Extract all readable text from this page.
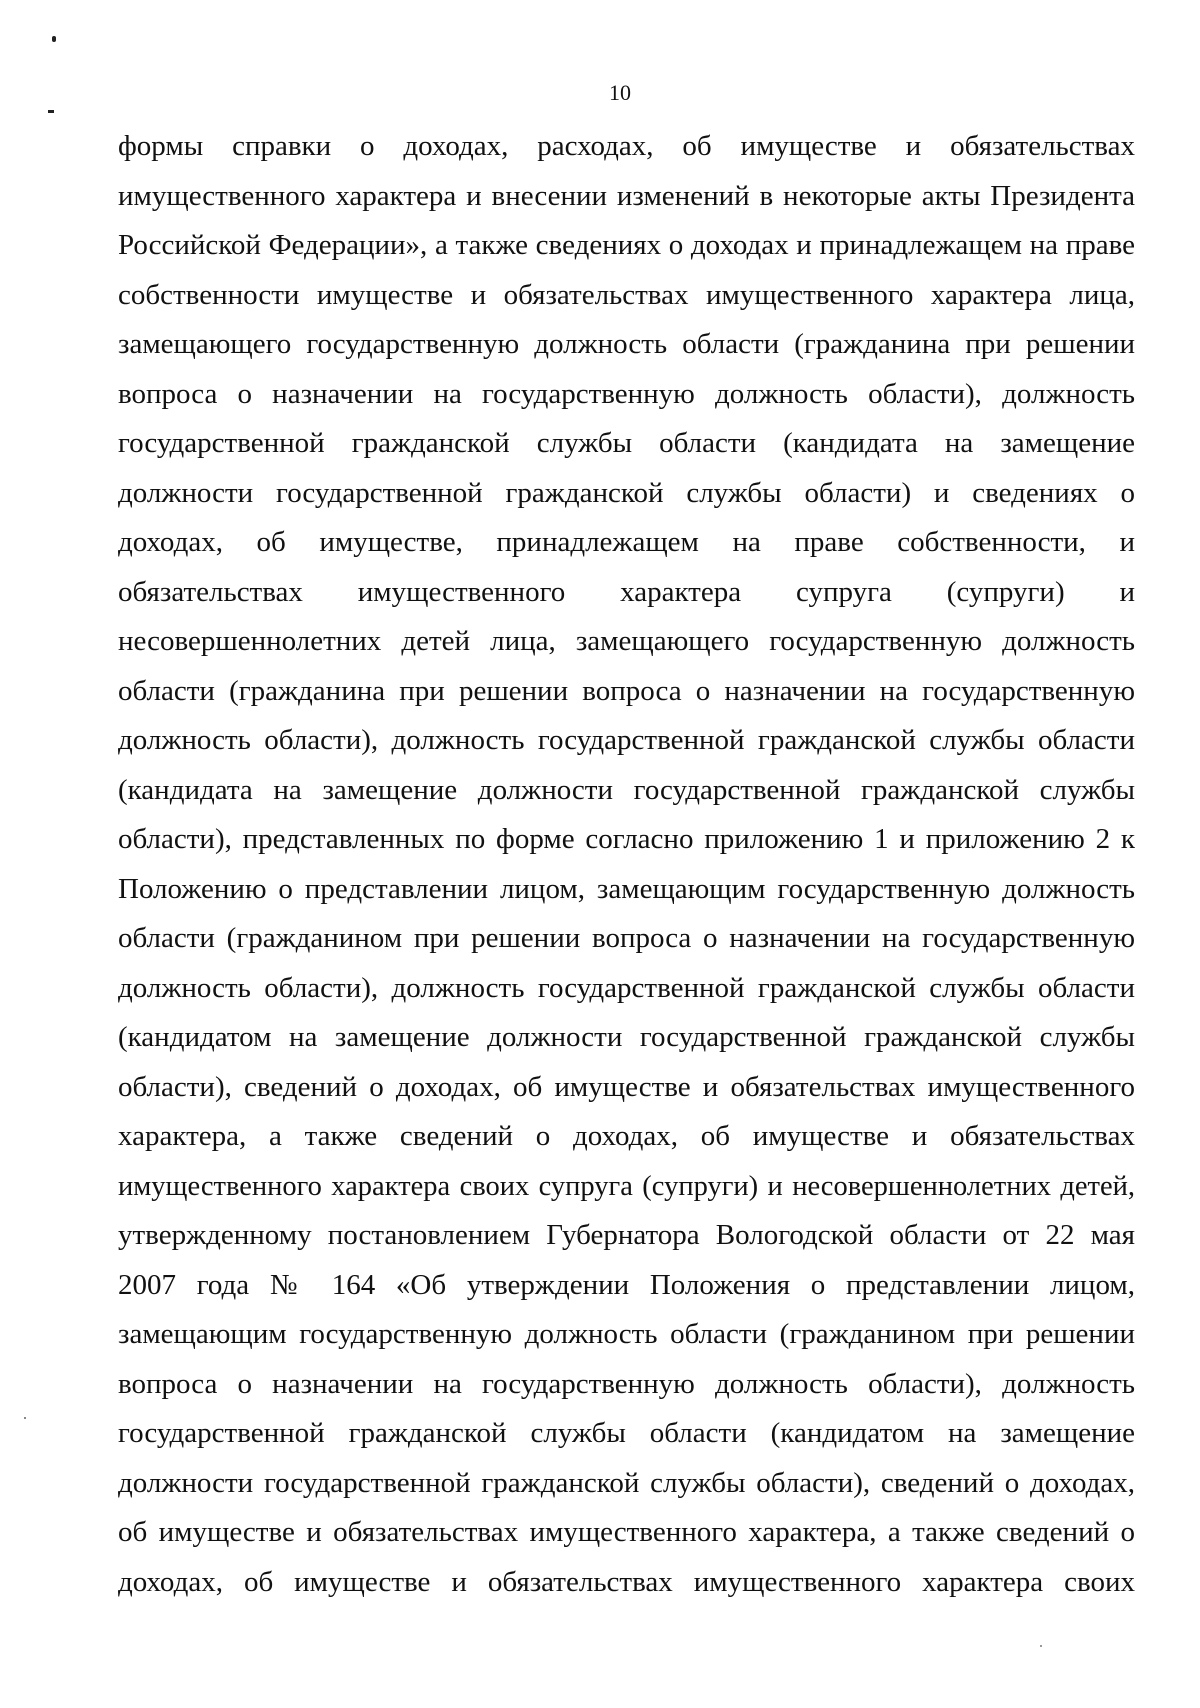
10
формы справки о доходах, расходах, об имуществе и обязательствах
имущественного характера и внесении изменений в некоторые акты Президента
Российской Федерации», а также сведениях о доходах и принадлежащем на праве
собственности имуществе и обязательствах имущественного характера лица,
замещающего государственную должность области (гражданина при решении
вопроса о назначении на государственную должность области), должность
государственной гражданской службы области (кандидата на замещение
должности государственной гражданской службы области) и сведениях о
доходах, об имуществе, принадлежащем на праве собственности, и
обязательствах имущественного характера супруга (супруги) и
несовершеннолетних детей лица, замещающего государственную должность
области (гражданина при решении вопроса о назначении на государственную
должность области), должность государственной гражданской службы области
(кандидата на замещение должности государственной гражданской службы
области), представленных по форме согласно приложению 1 и приложению 2 к
Положению о представлении лицом, замещающим государственную должность
области (гражданином при решении вопроса о назначении на государственную
должность области), должность государственной гражданской службы области
(кандидатом на замещение должности государственной гражданской службы
области), сведений о доходах, об имуществе и обязательствах имущественного
характера, а также сведений о доходах, об имуществе и обязательствах
имущественного характера своих супруга (супруги) и несовершеннолетних детей,
утвержденному постановлением Губернатора Вологодской области от 22 мая
2007 года № 164 «Об утверждении Положения о представлении лицом,
замещающим государственную должность области (гражданином при решении
вопроса о назначении на государственную должность области), должность
государственной гражданской службы области (кандидатом на замещение
должности государственной гражданской службы области), сведений о доходах,
об имуществе и обязательствах имущественного характера, а также сведений о
доходах, об имуществе и обязательствах имущественного характера своих
